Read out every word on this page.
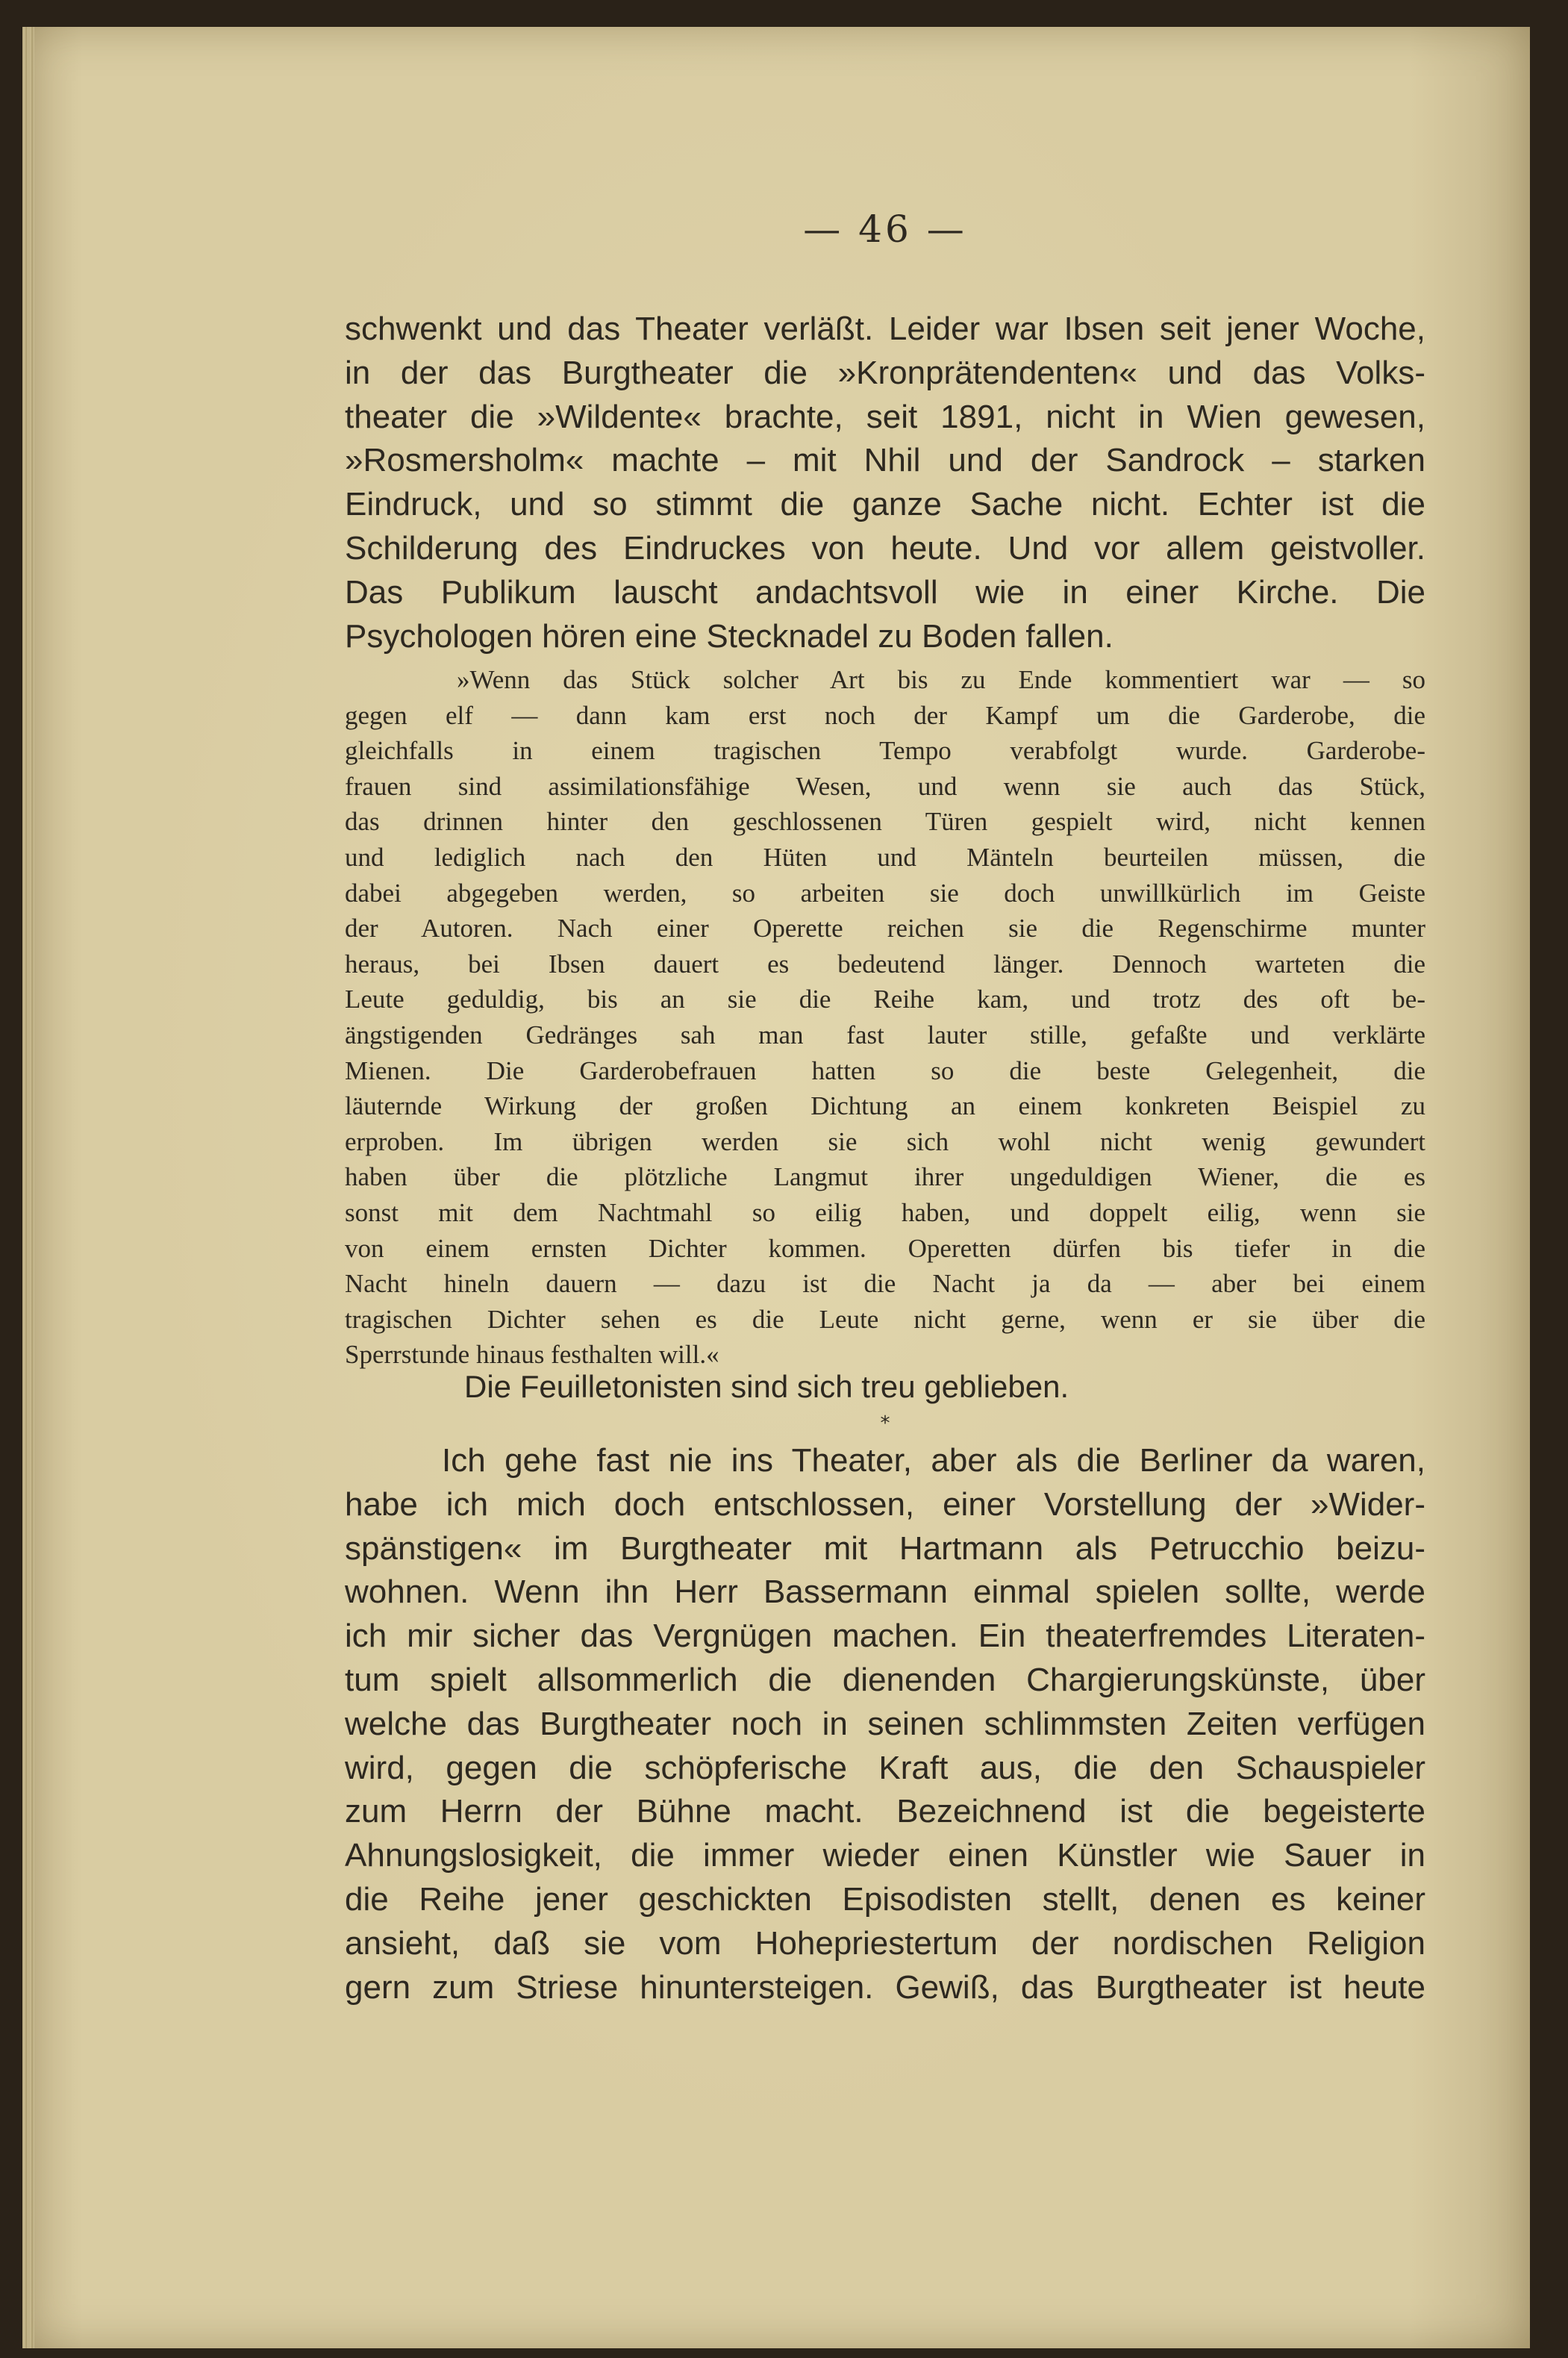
— 46 —
schwenkt und das Theater verläßt. Leider war Ibsen seit jener Woche,
in der das Burgtheater die »Kronprätendenten« und das Volks-
theater die »Wildente« brachte, seit 1891, nicht in Wien gewesen,
»Rosmersholm« machte – mit Nhil und der Sandrock – starken
Eindruck, und so stimmt die ganze Sache nicht. Echter ist die
Schilderung des Eindruckes von heute. Und vor allem geistvoller.
Das Publikum lauscht andachtsvoll wie in einer Kirche. Die
Psychologen hören eine Stecknadel zu Boden fallen.
»Wenn das Stück solcher Art bis zu Ende kommentiert war — so
gegen elf — dann kam erst noch der Kampf um die Garderobe, die
gleichfalls in einem tragischen Tempo verabfolgt wurde. Garderobe-
frauen sind assimilationsfähige Wesen, und wenn sie auch das Stück,
das drinnen hinter den geschlossenen Türen gespielt wird, nicht kennen
und lediglich nach den Hüten und Mänteln beurteilen müssen, die
dabei abgegeben werden, so arbeiten sie doch unwillkürlich im Geiste
der Autoren. Nach einer Operette reichen sie die Regenschirme munter
heraus, bei Ibsen dauert es bedeutend länger. Dennoch warteten die
Leute geduldig, bis an sie die Reihe kam, und trotz des oft be-
ängstigenden Gedränges sah man fast lauter stille, gefaßte und verklärte
Mienen. Die Garderobefrauen hatten so die beste Gelegenheit, die
läuternde Wirkung der großen Dichtung an einem konkreten Beispiel zu
erproben. Im übrigen werden sie sich wohl nicht wenig gewundert
haben über die plötzliche Langmut ihrer ungeduldigen Wiener, die es
sonst mit dem Nachtmahl so eilig haben, und doppelt eilig, wenn sie
von einem ernsten Dichter kommen. Operetten dürfen bis tiefer in die
Nacht hineln dauern — dazu ist die Nacht ja da — aber bei einem
tragischen Dichter sehen es die Leute nicht gerne, wenn er sie über die
Sperrstunde hinaus festhalten will.«
Die Feuilletonisten sind sich treu geblieben.
*
Ich gehe fast nie ins Theater, aber als die Berliner da waren,
habe ich mich doch entschlossen, einer Vorstellung der »Wider-
spänstigen« im Burgtheater mit Hartmann als Petrucchio beizu-
wohnen. Wenn ihn Herr Bassermann einmal spielen sollte, werde
ich mir sicher das Vergnügen machen. Ein theaterfremdes Literaten-
tum spielt allsommerlich die dienenden Chargierungskünste, über
welche das Burgtheater noch in seinen schlimmsten Zeiten verfügen
wird, gegen die schöpferische Kraft aus, die den Schauspieler
zum Herrn der Bühne macht. Bezeichnend ist die begeisterte
Ahnungslosigkeit, die immer wieder einen Künstler wie Sauer in
die Reihe jener geschickten Episodisten stellt, denen es keiner
ansieht, daß sie vom Hohepriestertum der nordischen Religion
gern zum Striese hinuntersteigen. Gewiß, das Burgtheater ist heute
